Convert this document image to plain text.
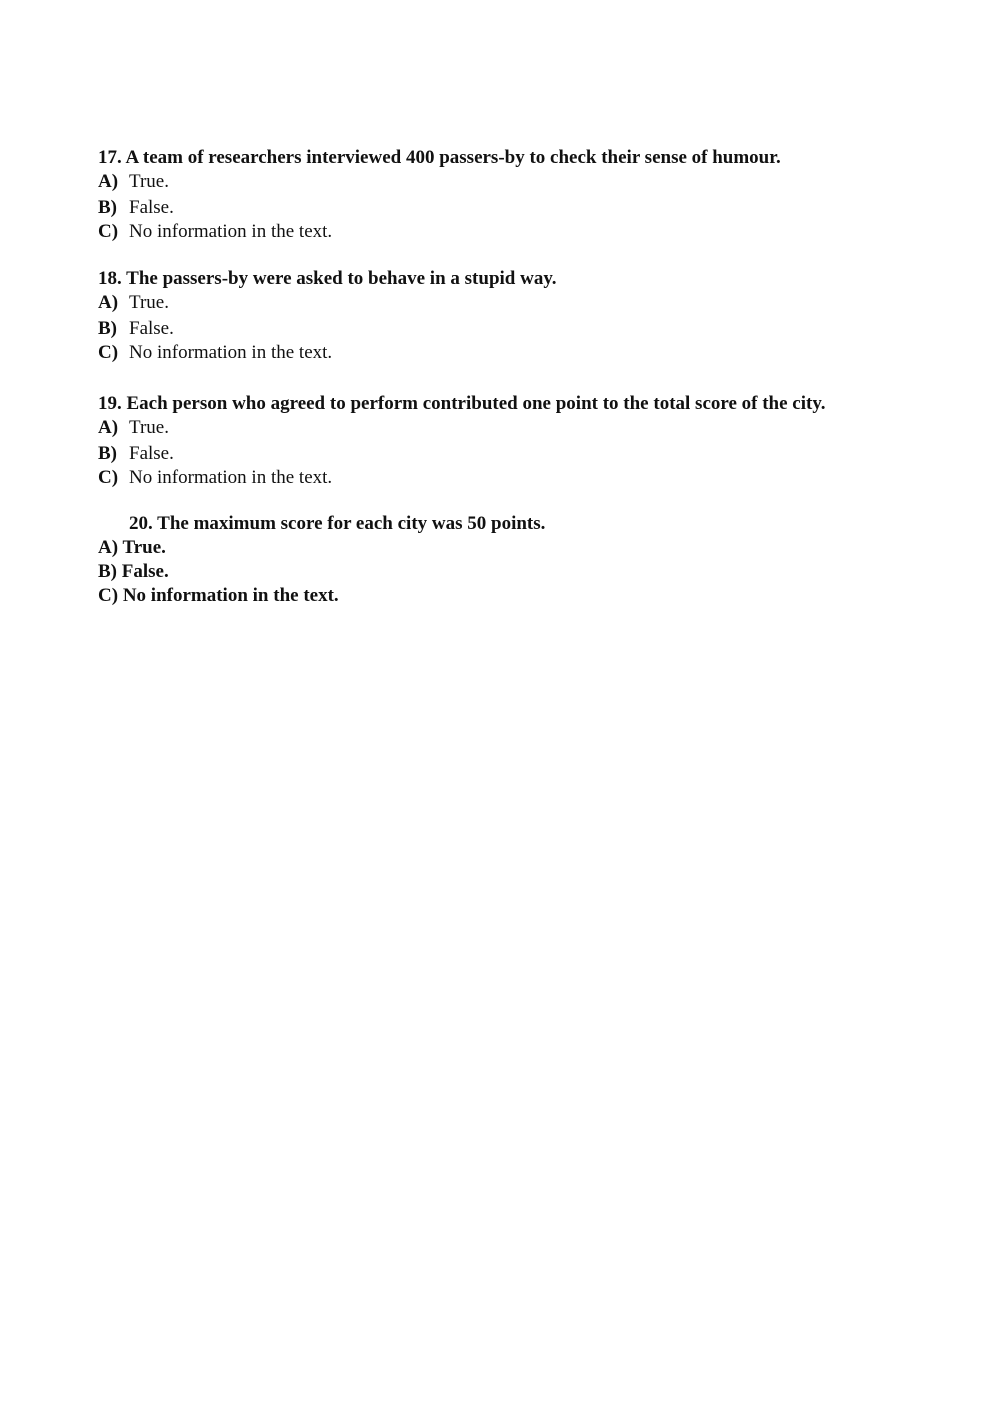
17. A team of researchers interviewed 400 passers-by to check their sense of humour.
A) True.
B) False.
C) No information in the text.
18. The passers-by were asked to behave in a stupid way.
A) True.
B) False.
C) No information in the text.
19. Each person who agreed to perform contributed one point to the total score of the city.
A) True.
B) False.
C) No information in the text.
20. The maximum score for each city was 50 points.
A) True.
B) False.
C) No information in the text.
